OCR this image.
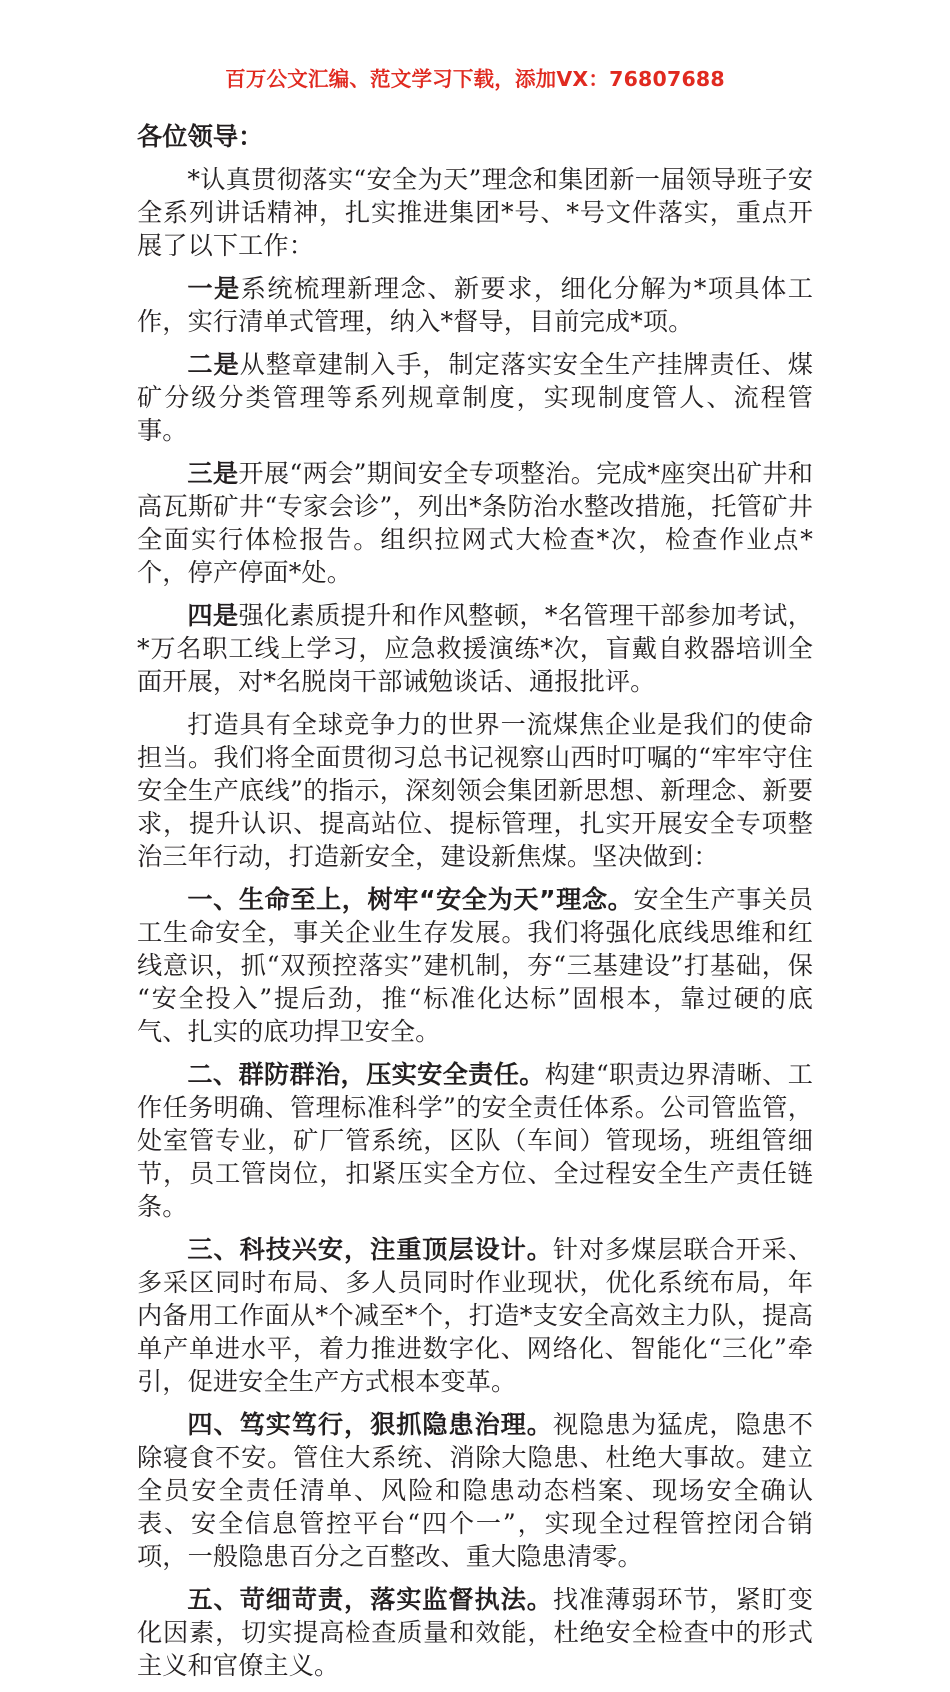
百万公文汇编、范文学习下载，添加VX：76807688

各位领导：

*认真贯彻落实“安全为天”理念和集团新一届领导班子安全系列讲话精神，扎实推进集团*号、*号文件落实，重点开展了以下工作：

一是系统梳理新理念、新要求，细化分解为*项具体工作，实行清单式管理，纳入*督导，目前完成*项。

二是从整章建制入手，制定落实安全生产挂牌责任、煤矿分级分类管理等系列规章制度，实现制度管人、流程管事。

三是开展“两会”期间安全专项整治。完成*座突出矿井和高瓦斯矿井“专家会诊”，列出*条防治水整改措施，托管矿井全面实行体检报告。组织拉网式大检查*次，检查作业点*个，停产停面*处。

四是强化素质提升和作风整顿，*名管理干部参加考试，*万名职工线上学习，应急救援演练*次，盲戴自救器培训全面开展，对*名脱岗干部诫勉谈话、通报批评。

打造具有全球竞争力的世界一流煤焦企业是我们的使命担当。我们将全面贯彻习总书记视察山西时叮嘱的“牢牢守住安全生产底线”的指示，深刻领会集团新思想、新理念、新要求，提升认识、提高站位、提标管理，扎实开展安全专项整治三年行动，打造新安全，建设新焦煤。坚决做到：

一、生命至上，树牢“安全为天”理念。安全生产事关员工生命安全，事关企业生存发展。我们将强化底线思维和红线意识，抓“双预控落实”建机制，夯“三基建设”打基础，保“安全投入”提后劲，推“标准化达标”固根本，靠过硬的底气、扎实的底功捍卫安全。

二、群防群治，压实安全责任。构建“职责边界清晰、工作任务明确、管理标准科学”的安全责任体系。公司管监管，处室管专业，矿厂管系统，区队（车间）管现场，班组管细节，员工管岗位，扣紧压实全方位、全过程安全生产责任链条。

三、科技兴安，注重顶层设计。针对多煤层联合开采、多采区同时布局、多人员同时作业现状，优化系统布局，年内备用工作面从*个减至*个，打造*支安全高效主力队，提高单产单进水平，着力推进数字化、网络化、智能化“三化”牵引，促进安全生产方式根本变革。

四、笃实笃行，狠抓隐患治理。视隐患为猛虎，隐患不除寝食不安。管住大系统、消除大隐患、杜绝大事故。建立全员安全责任清单、风险和隐患动态档案、现场安全确认表、安全信息管控平台“四个一”，实现全过程管控闭合销项，一般隐患百分之百整改、重大隐患清零。

五、苛细苛责，落实监督执法。找准薄弱环节，紧盯变化因素，切实提高检查质量和效能，杜绝安全检查中的形式主义和官僚主义。
